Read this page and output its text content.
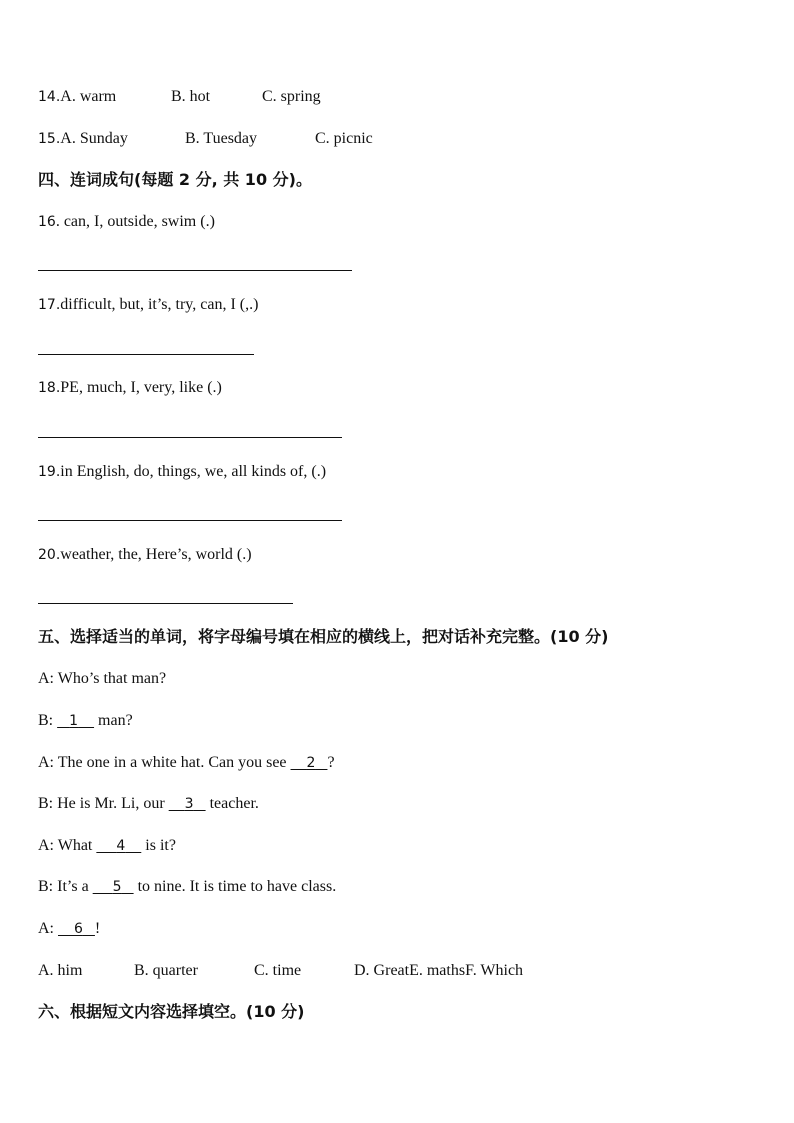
14.A. warm	B. hot	C. spring
15.A. Sunday	B. Tuesday	C. picnic
四、连词成句(每题 2 分, 共 10 分)。
16. can, I, outside, swim (.)
17.difficult, but, it’s, try, can, I (,.)
18.PE, much, I, very, like (.)
19.in English, do, things, we, all kinds of, (.)
20.weather, the, Here’s, world (.)
五、选择适当的单词，将字母编号填在相应的横线上，把对话补充完整。(10 分)
A: Who’s that man?
B:    1     man?
A: The one in a white hat. Can you see     2 ?
B: He is Mr. Li, our     3    teacher.
A: What      4     is it?
B: It’s a      5    to nine. It is time to have class.
A:     6 !
A. him	B. quarter	C. time	D. GreatE. mathsF. Which
六、根据短文内容选择填空。(10 分)
